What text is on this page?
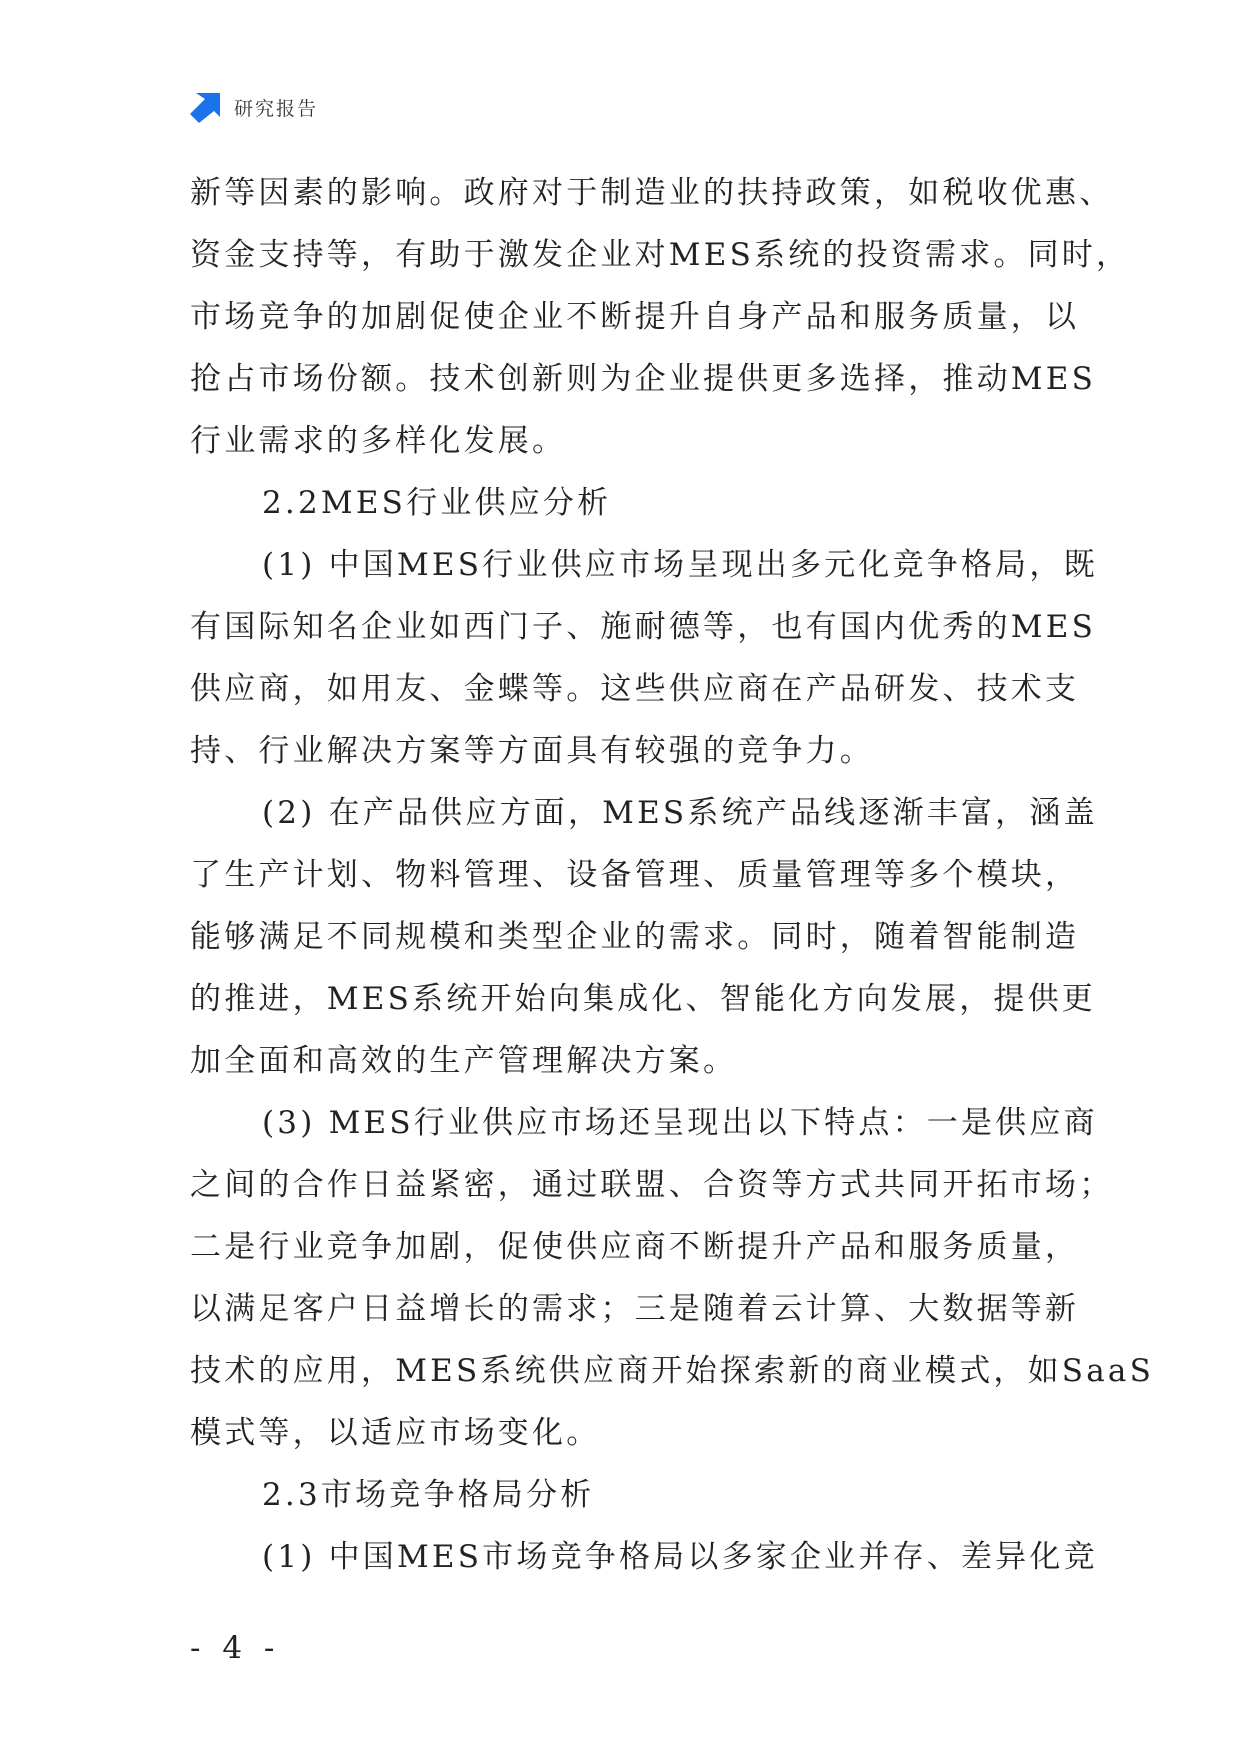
研究报告
新等因素的影响。政府对于制造业的扶持政策，如税收优惠、
资金支持等，有助于激发企业对MES系统的投资需求。同时，
市场竞争的加剧促使企业不断提升自身产品和服务质量，以
抢占市场份额。技术创新则为企业提供更多选择，推动MES
行业需求的多样化发展。
2.2MES行业供应分析
(1) 中国MES行业供应市场呈现出多元化竞争格局，既
有国际知名企业如西门子、施耐德等，也有国内优秀的MES
供应商，如用友、金蝶等。这些供应商在产品研发、技术支
持、行业解决方案等方面具有较强的竞争力。
(2) 在产品供应方面，MES系统产品线逐渐丰富，涵盖
了生产计划、物料管理、设备管理、质量管理等多个模块，
能够满足不同规模和类型企业的需求。同时，随着智能制造
的推进，MES系统开始向集成化、智能化方向发展，提供更
加全面和高效的生产管理解决方案。
(3) MES行业供应市场还呈现出以下特点：一是供应商
之间的合作日益紧密，通过联盟、合资等方式共同开拓市场；
二是行业竞争加剧，促使供应商不断提升产品和服务质量，
以满足客户日益增长的需求；三是随着云计算、大数据等新
技术的应用，MES系统供应商开始探索新的商业模式，如SaaS
模式等，以适应市场变化。
2.3市场竞争格局分析
(1) 中国MES市场竞争格局以多家企业并存、差异化竞
- 4 -
